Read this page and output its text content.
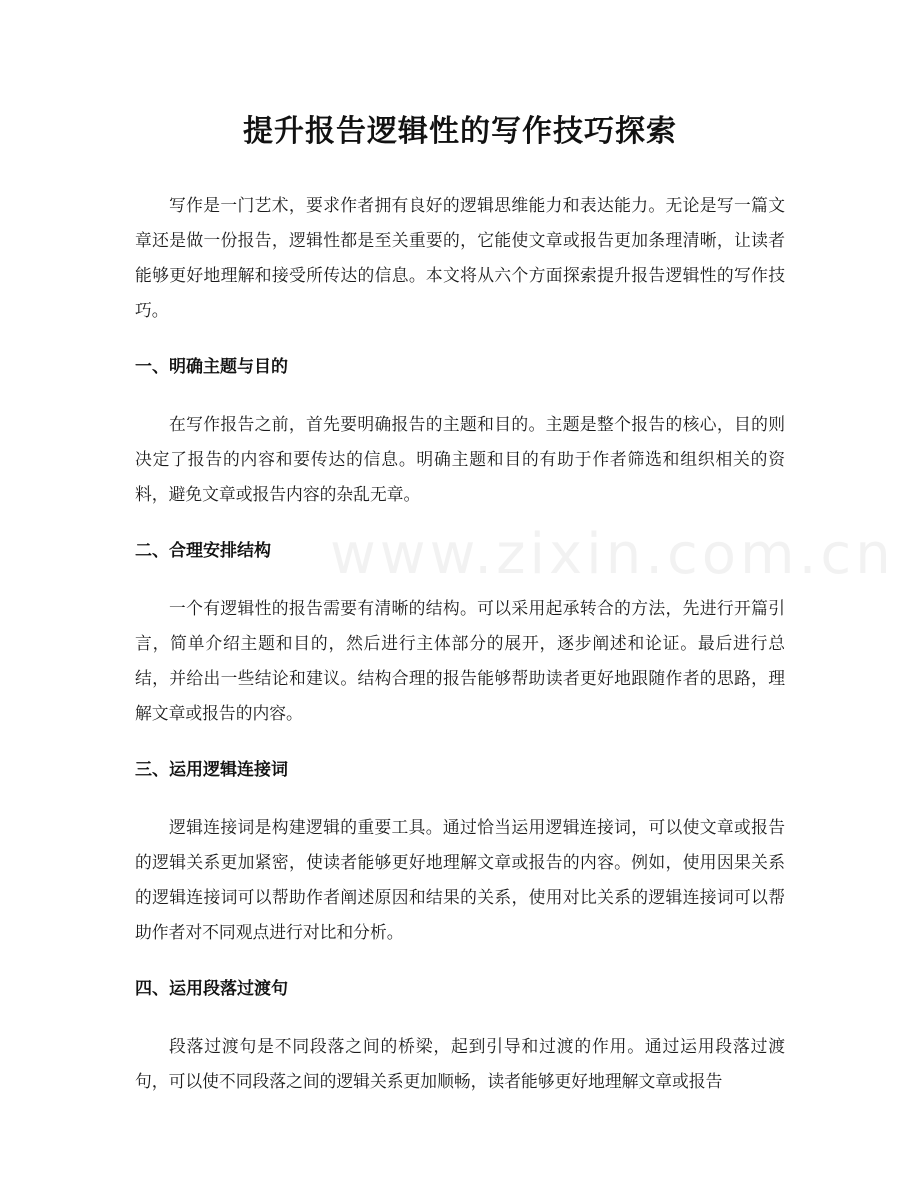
提升报告逻辑性的写作技巧探索

写作是一门艺术，要求作者拥有良好的逻辑思维能力和表达能力。无论是写一篇文章还是做一份报告，逻辑性都是至关重要的，它能使文章或报告更加条理清晰，让读者能够更好地理解和接受所传达的信息。本文将从六个方面探索提升报告逻辑性的写作技巧。

一、明确主题与目的

在写作报告之前，首先要明确报告的主题和目的。主题是整个报告的核心，目的则决定了报告的内容和要传达的信息。明确主题和目的有助于作者筛选和组织相关的资料，避免文章或报告内容的杂乱无章。

二、合理安排结构

一个有逻辑性的报告需要有清晰的结构。可以采用起承转合的方法，先进行开篇引言，简单介绍主题和目的，然后进行主体部分的展开，逐步阐述和论证。最后进行总结，并给出一些结论和建议。结构合理的报告能够帮助读者更好地跟随作者的思路，理解文章或报告的内容。

三、运用逻辑连接词

逻辑连接词是构建逻辑的重要工具。通过恰当运用逻辑连接词，可以使文章或报告的逻辑关系更加紧密，使读者能够更好地理解文章或报告的内容。例如，使用因果关系的逻辑连接词可以帮助作者阐述原因和结果的关系，使用对比关系的逻辑连接词可以帮助作者对不同观点进行对比和分析。

四、运用段落过渡句

段落过渡句是不同段落之间的桥梁，起到引导和过渡的作用。通过运用段落过渡句，可以使不同段落之间的逻辑关系更加顺畅，读者能够更好地理解文章或报告

www.zixin.com.cn
